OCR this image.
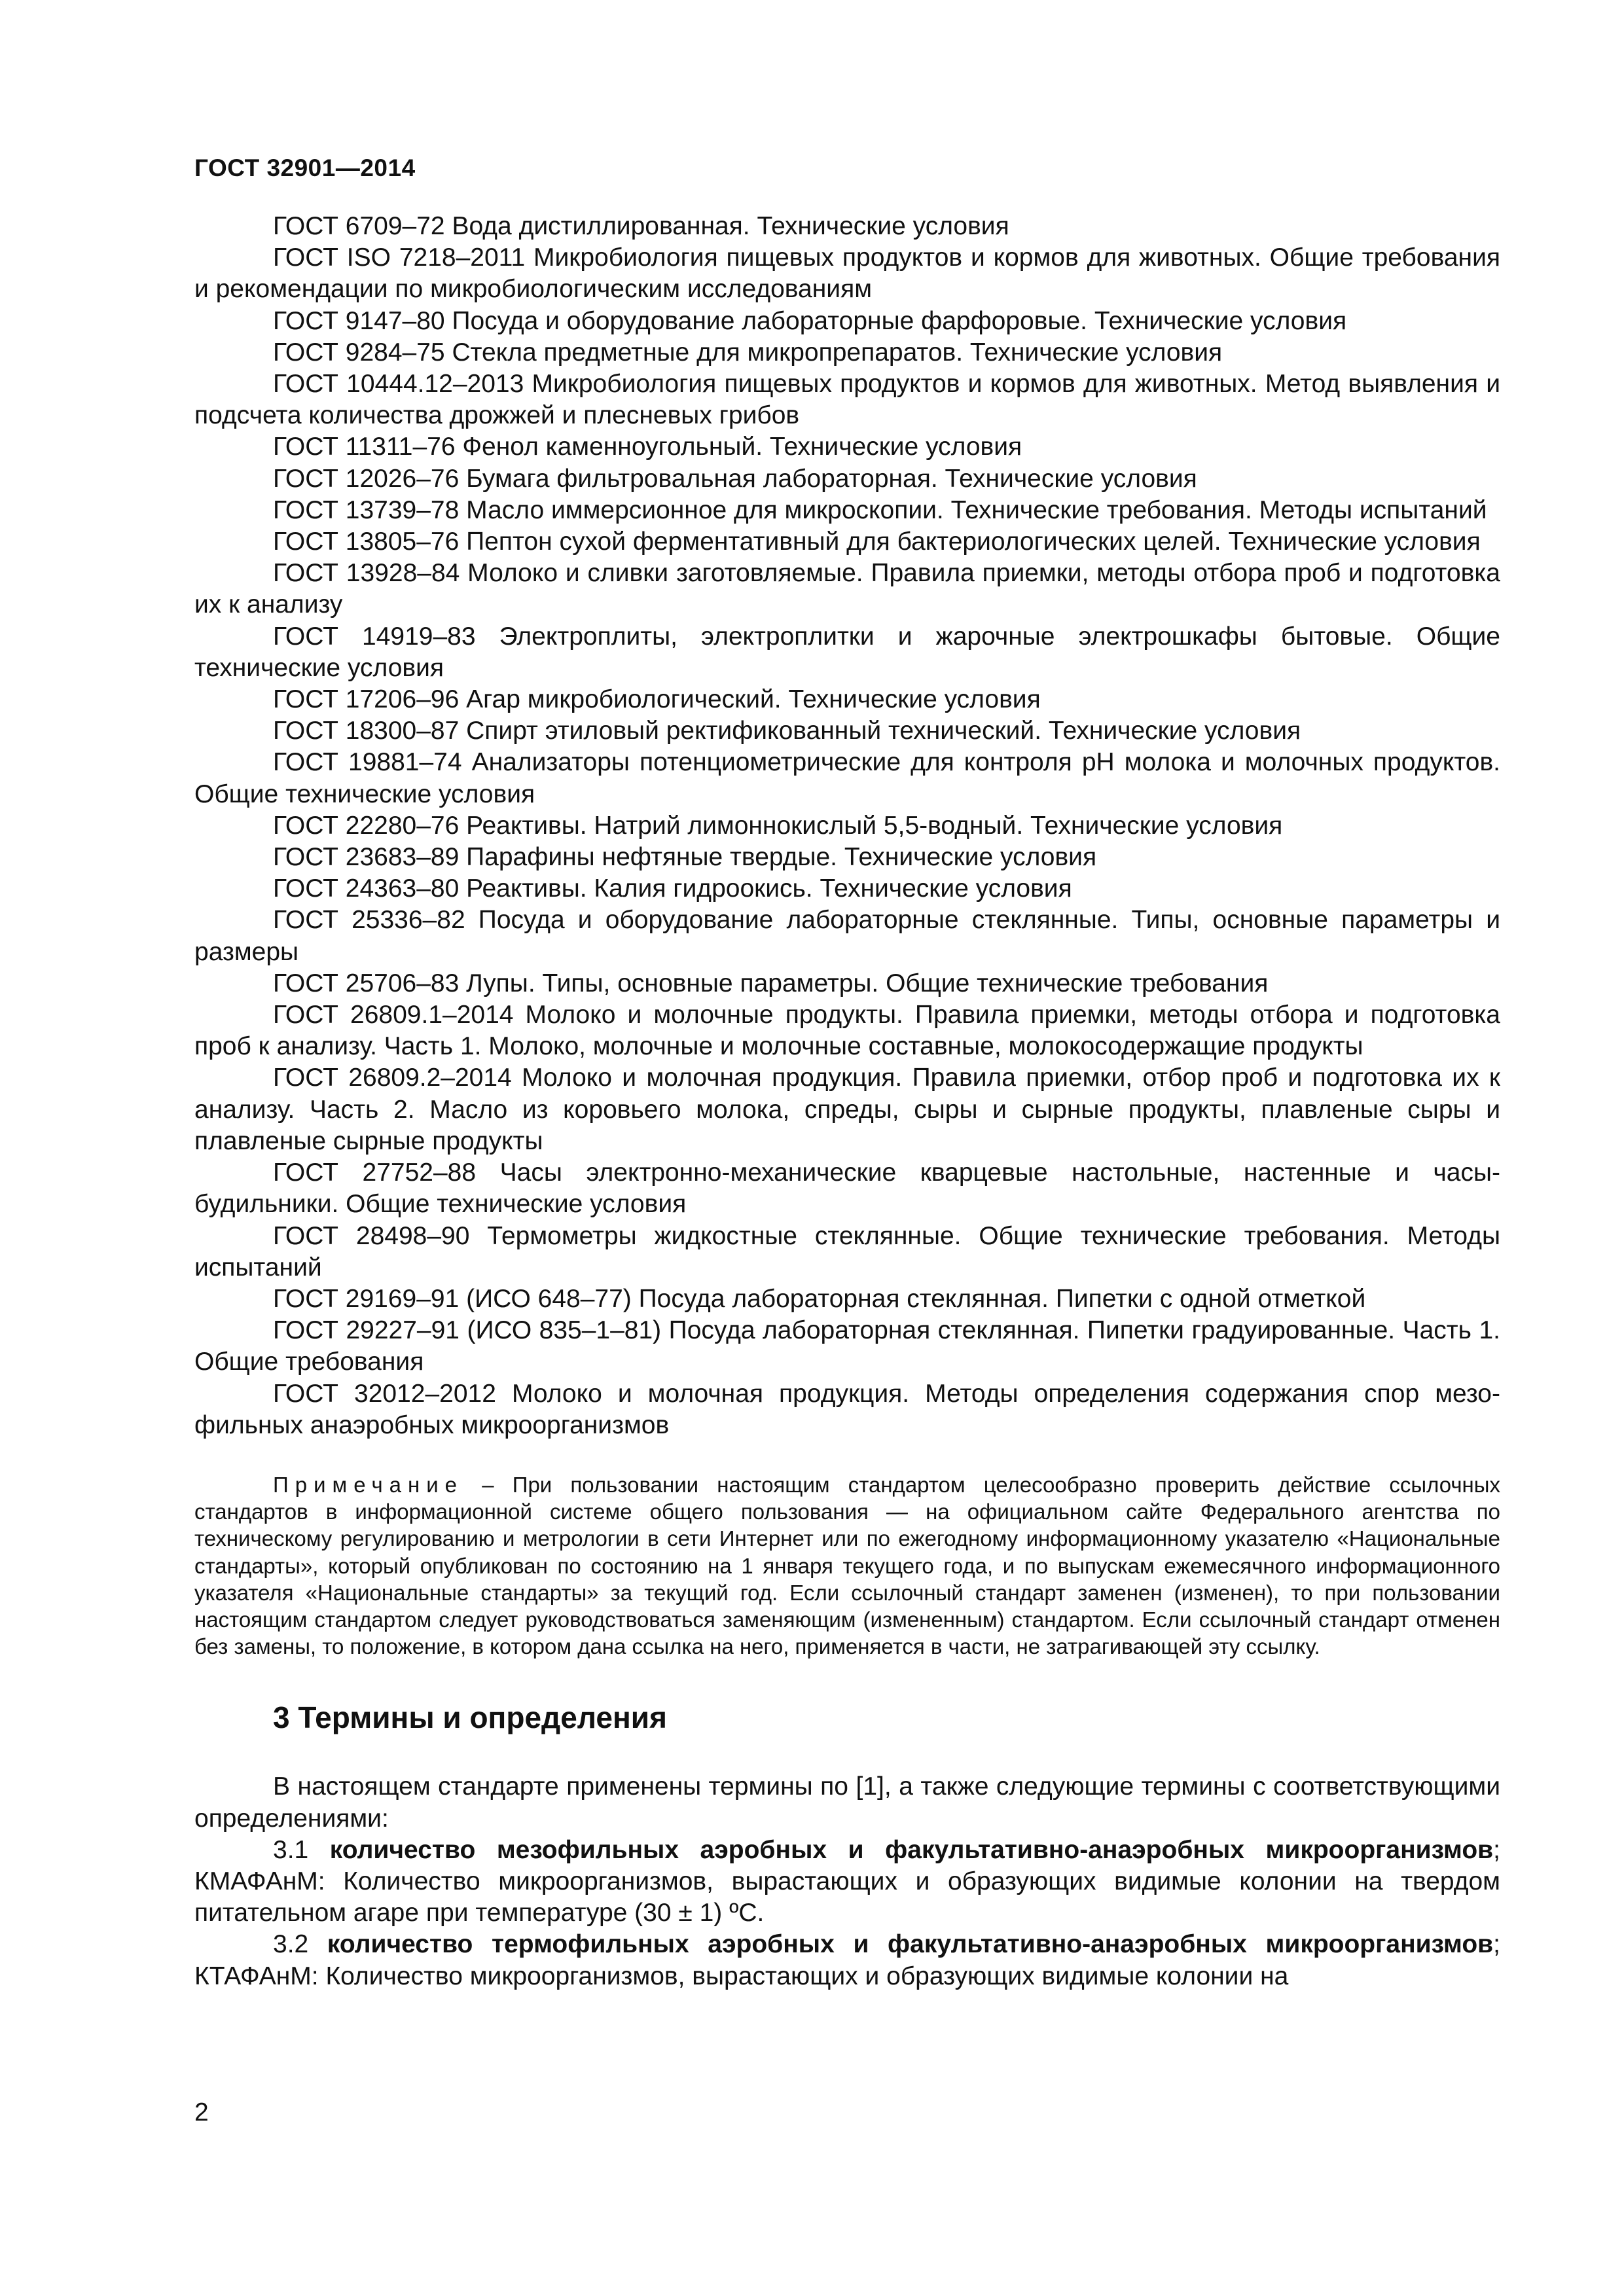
ГОСТ 32901—2014

ГОСТ 6709–72 Вода дистиллированная. Технические условия

ГОСТ ISO 7218–2011 Микробиология пищевых продуктов и кормов для животных. Общие требования и рекомендации по микробиологическим исследованиям

ГОСТ 9147–80 Посуда и оборудование лабораторные фарфоровые. Технические условия

ГОСТ 9284–75 Стекла предметные для микропрепаратов. Технические условия

ГОСТ 10444.12–2013 Микробиология пищевых продуктов и кормов для животных. Метод выявления и подсчета количества дрожжей и плесневых грибов

ГОСТ 11311–76 Фенол каменноугольный. Технические условия

ГОСТ 12026–76 Бумага фильтровальная лабораторная. Технические условия

ГОСТ 13739–78 Масло иммерсионное для микроскопии. Технические требования. Методы испытаний

ГОСТ 13805–76 Пептон сухой ферментативный для бактериологических целей. Технические условия

ГОСТ 13928–84 Молоко и сливки заготовляемые. Правила приемки, методы отбора проб и подготовка их к анализу

ГОСТ 14919–83 Электроплиты, электроплитки и жарочные электрошкафы бытовые. Общие технические условия

ГОСТ 17206–96 Агар микробиологический. Технические условия

ГОСТ 18300–87 Спирт этиловый ректификованный технический. Технические условия

ГОСТ 19881–74 Анализаторы потенциометрические для контроля pH молока и молочных продуктов. Общие технические условия

ГОСТ 22280–76 Реактивы. Натрий лимоннокислый 5,5-водный. Технические условия

ГОСТ 23683–89 Парафины нефтяные твердые. Технические условия

ГОСТ 24363–80 Реактивы. Калия гидроокись. Технические условия

ГОСТ 25336–82 Посуда и оборудование лабораторные стеклянные. Типы, основные параметры и размеры

ГОСТ 25706–83 Лупы. Типы, основные параметры. Общие технические требования

ГОСТ 26809.1–2014 Молоко и молочные продукты. Правила приемки, методы отбора и подготовка проб к анализу. Часть 1. Молоко, молочные и молочные составные, молокосодержащие продукты

ГОСТ 26809.2–2014 Молоко и молочная продукция. Правила приемки, отбор проб и подготовка их к анализу. Часть 2. Масло из коровьего молока, спреды, сыры и сырные продукты, плавленые сыры и плавленые сырные продукты

ГОСТ 27752–88 Часы электронно-механические кварцевые настольные, настенные и часы-будильники. Общие технические условия

ГОСТ 28498–90 Термометры жидкостные стеклянные. Общие технические требования. Методы испытаний

ГОСТ 29169–91 (ИСО 648–77) Посуда лабораторная стеклянная. Пипетки с одной отметкой

ГОСТ 29227–91 (ИСО 835–1–81) Посуда лабораторная стеклянная. Пипетки градуированные. Часть 1. Общие требования

ГОСТ 32012–2012 Молоко и молочная продукция. Методы определения содержания спор мезофильных анаэробных микроорганизмов

Примечание – При пользовании настоящим стандартом целесообразно проверить действие ссылочных стандартов в информационной системе общего пользования — на официальном сайте Федерального агентства по техническому регулированию и метрологии в сети Интернет или по ежегодному информационному указателю «Национальные стандарты», который опубликован по состоянию на 1 января текущего года, и по выпускам ежемесячного информационного указателя «Национальные стандарты» за текущий год. Если ссылочный стандарт заменен (изменен), то при пользовании настоящим стандартом следует руководствоваться заменяющим (измененным) стандартом. Если ссылочный стандарт отменен без замены, то положение, в котором дана ссылка на него, применяется в части, не затрагивающей эту ссылку.

3 Термины и определения

В настоящем стандарте применены термины по [1], а также следующие термины с соответствующими определениями:

3.1 количество мезофильных аэробных и факультативно-анаэробных микроорганизмов; КМАФАнМ: Количество микроорганизмов, вырастающих и образующих видимые колонии на твердом питательном агаре при температуре (30 ± 1) ºС.

3.2 количество термофильных аэробных и факультативно-анаэробных микроорганизмов; КТАФАнМ: Количество микроорганизмов, вырастающих и образующих видимые колонии на

2
